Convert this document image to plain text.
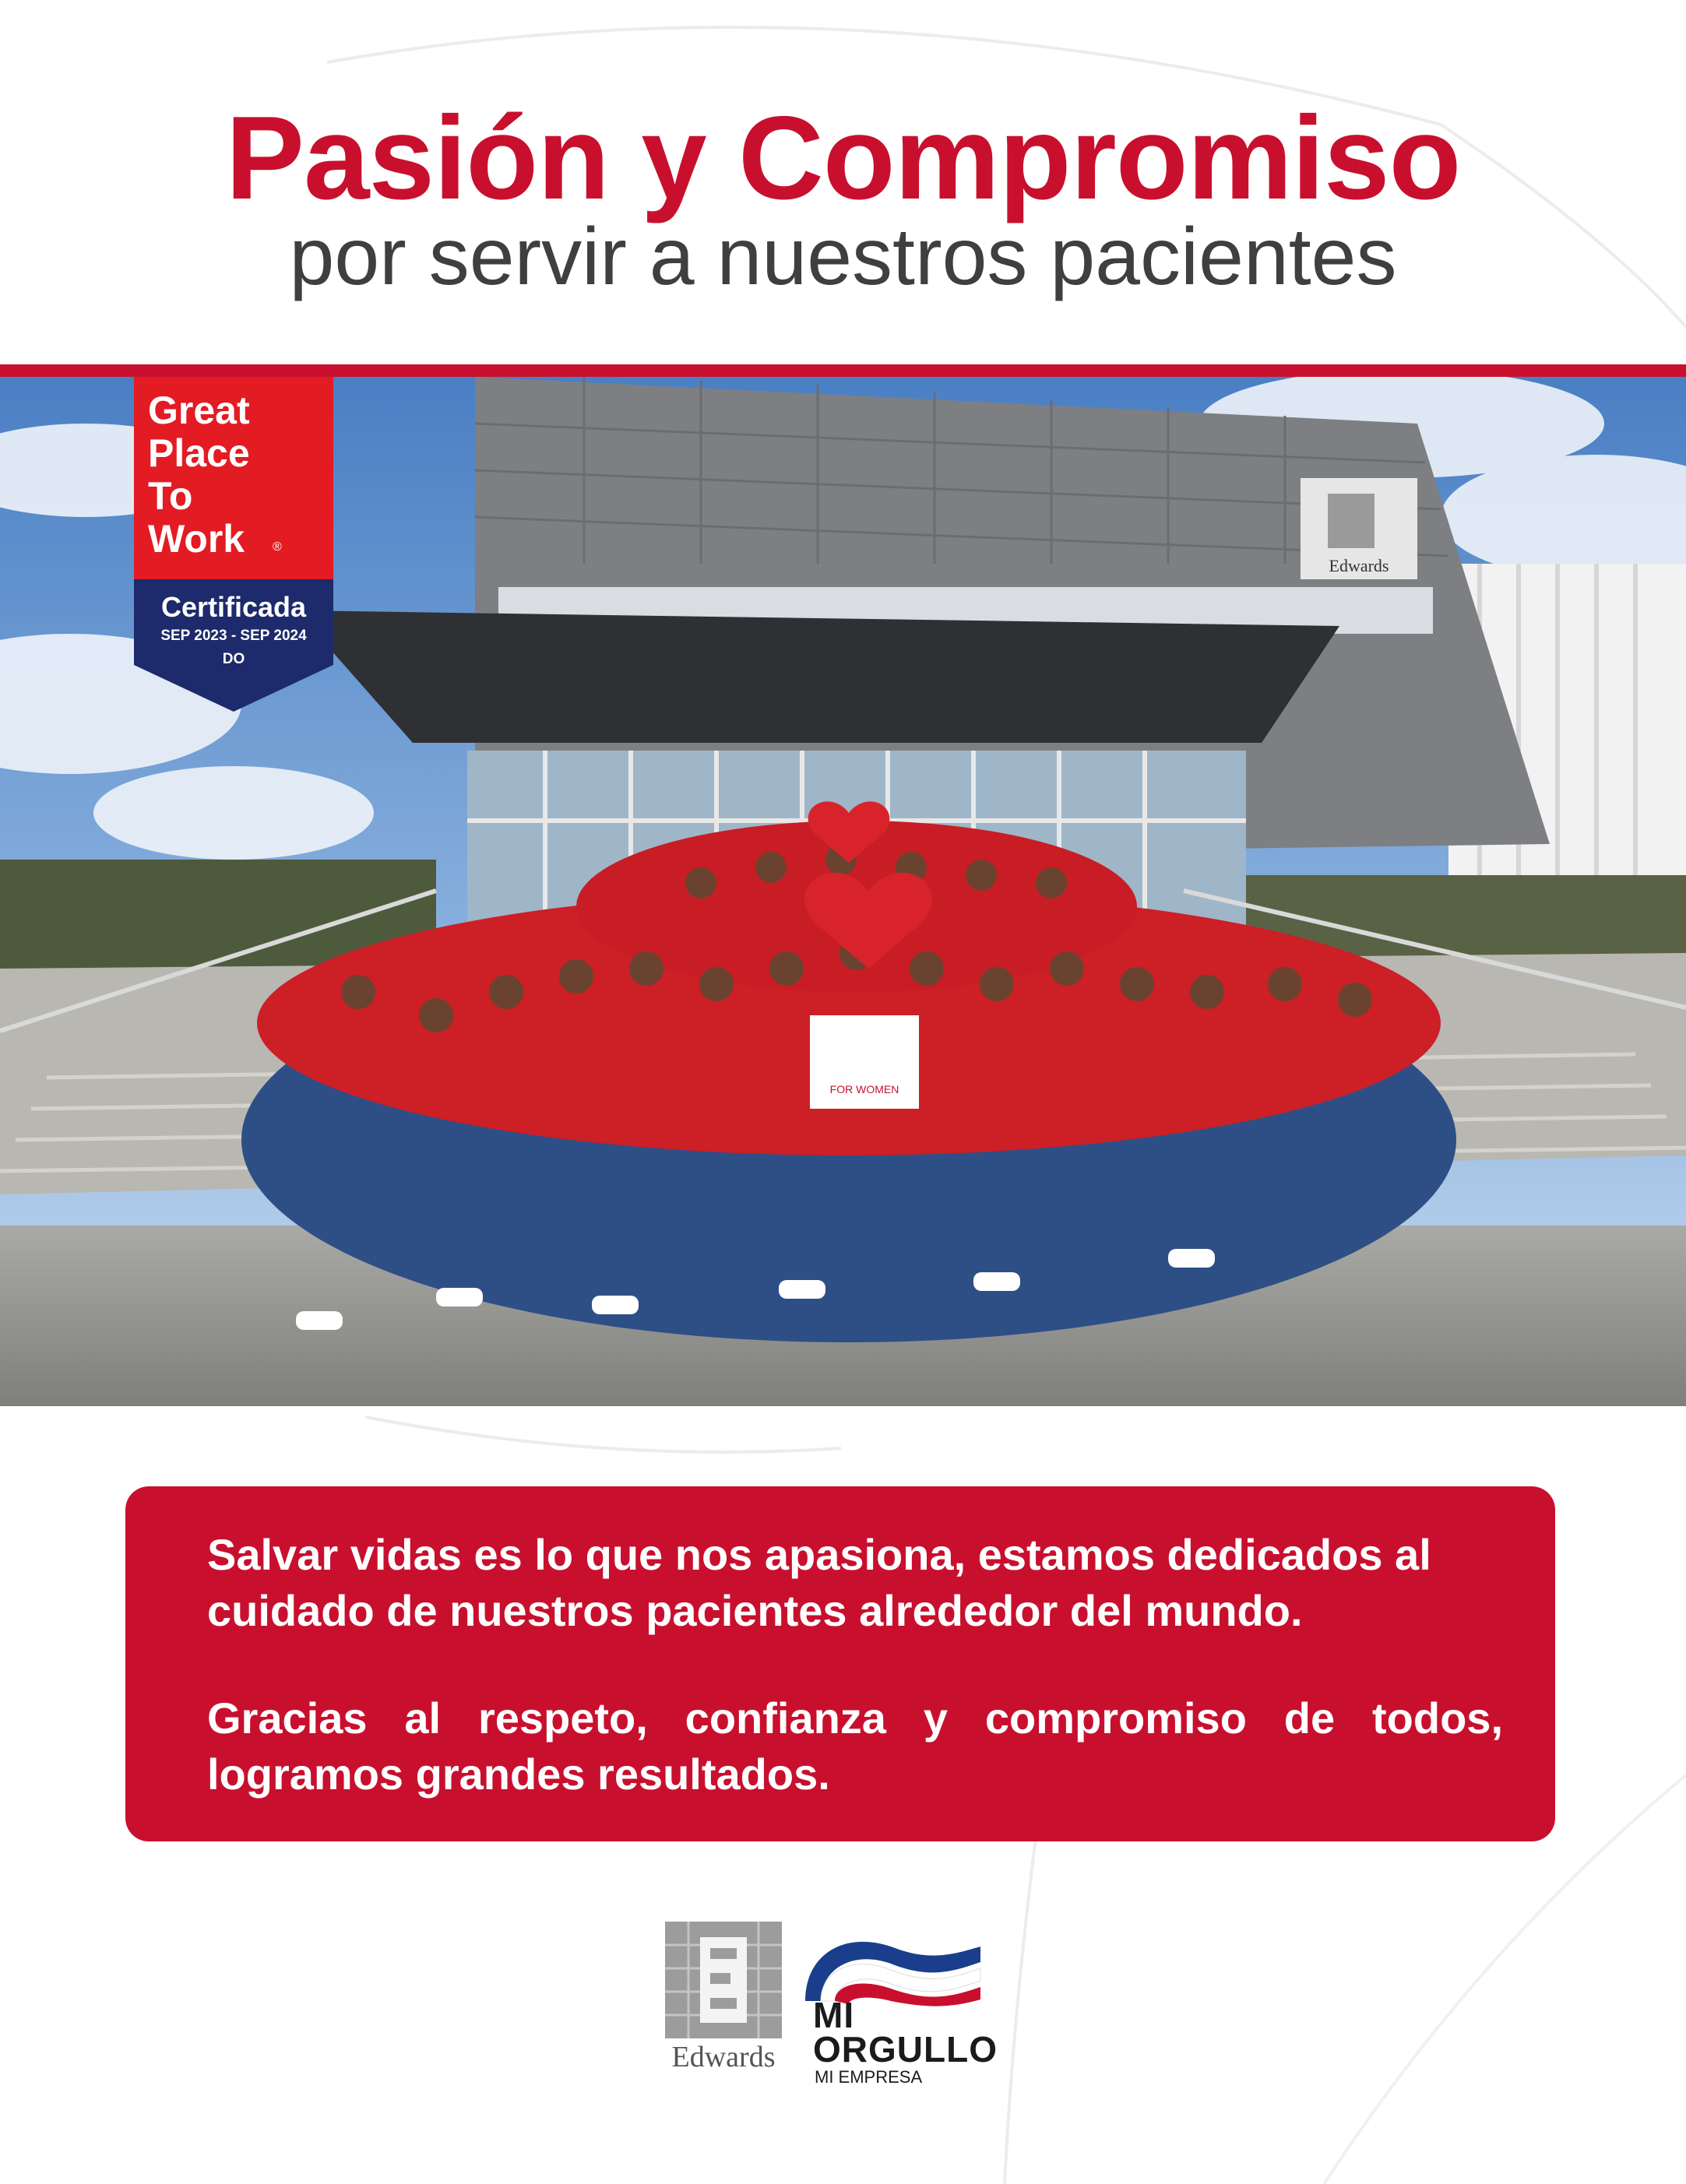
Pasión y Compromiso
por servir a nuestros pacientes
Edwards
FOR WOMEN
Great
Place
To
Work ®
Certificada
SEP 2023 - SEP 2024
DO

Salvar vidas es lo que nos apasiona, estamos dedicados al cuidado de nuestros pacientes alrededor del mundo.

Gracias al respeto, confianza y compromiso de todos, logramos grandes resultados.

Edwards
MI
ORGULLO
MI EMPRESA
